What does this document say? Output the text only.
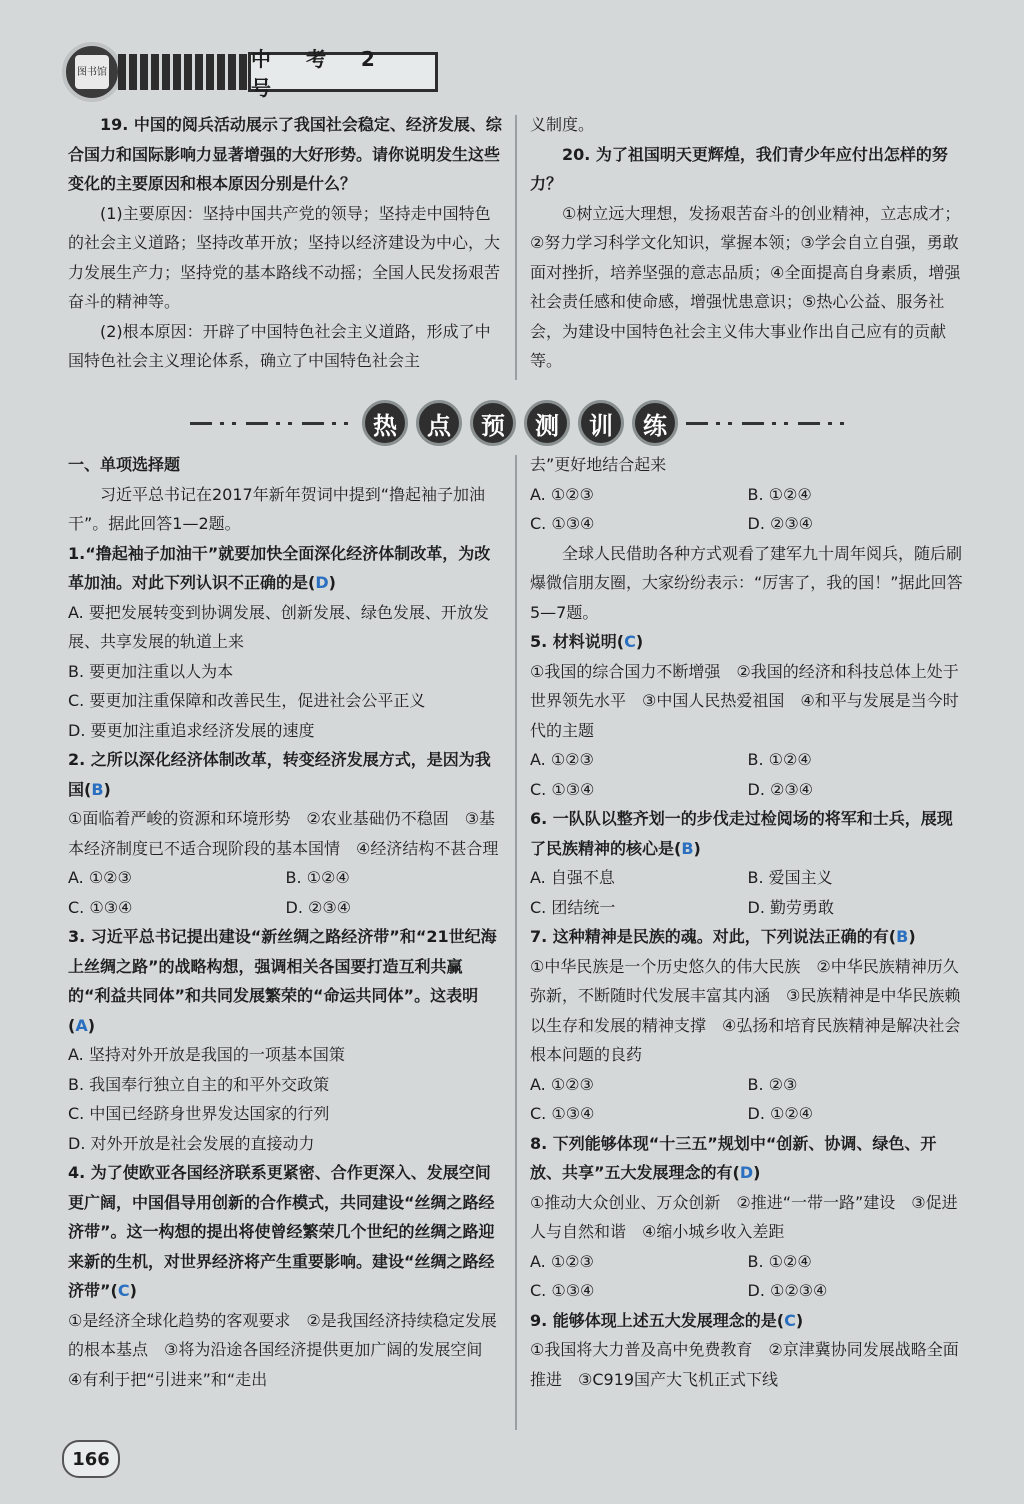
图书馆
中 考 2 号

19. 中国的阅兵活动展示了我国社会稳定、经济发展、综合国力和国际影响力显著增强的大好形势。请你说明发生这些变化的主要原因和根本原因分别是什么？

(1)主要原因：坚持中国共产党的领导；坚持走中国特色的社会主义道路；坚持改革开放；坚持以经济建设为中心，大力发展生产力；坚持党的基本路线不动摇；全国人民发扬艰苦奋斗的精神等。

(2)根本原因：开辟了中国特色社会主义道路，形成了中国特色社会主义理论体系，确立了中国特色社会主

义制度。

20. 为了祖国明天更辉煌，我们青少年应付出怎样的努力？

①树立远大理想，发扬艰苦奋斗的创业精神，立志成才；②努力学习科学文化知识，掌握本领；③学会自立自强，勇敢面对挫折，培养坚强的意志品质；④全面提高自身素质，增强社会责任感和使命感，增强忧患意识；⑤热心公益、服务社会，为建设中国特色社会主义伟大事业作出自己应有的贡献等。

热	点	预	测	训	练

一、单项选择题

习近平总书记在2017年新年贺词中提到“撸起袖子加油干”。据此回答1—2题。

1.“撸起袖子加油干”就要加快全面深化经济体制改革，为改革加油。对此下列认识不正确的是(D)

A. 要把发展转变到协调发展、创新发展、绿色发展、开放发展、共享发展的轨道上来

B. 要更加注重以人为本

C. 要更加注重保障和改善民生，促进社会公平正义

D. 要更加注重追求经济发展的速度

2. 之所以深化经济体制改革，转变经济发展方式，是因为我国(B)

①面临着严峻的资源和环境形势　②农业基础仍不稳固　③基本经济制度已不适合现阶段的基本国情　④经济结构不甚合理

A. ①②③	B. ①②④
C. ①③④	D. ②③④

3. 习近平总书记提出建设“新丝绸之路经济带”和“21世纪海上丝绸之路”的战略构想，强调相关各国要打造互利共赢的“利益共同体”和共同发展繁荣的“命运共同体”。这表明(A)

A. 坚持对外开放是我国的一项基本国策

B. 我国奉行独立自主的和平外交政策

C. 中国已经跻身世界发达国家的行列

D. 对外开放是社会发展的直接动力

4. 为了使欧亚各国经济联系更紧密、合作更深入、发展空间更广阔，中国倡导用创新的合作模式，共同建设“丝绸之路经济带”。这一构想的提出将使曾经繁荣几个世纪的丝绸之路迎来新的生机，对世界经济将产生重要影响。建设“丝绸之路经济带”(C)

①是经济全球化趋势的客观要求　②是我国经济持续稳定发展的根本基点　③将为沿途各国经济提供更加广阔的发展空间　④有利于把“引进来”和“走出

去”更好地结合起来

A. ①②③	B. ①②④
C. ①③④	D. ②③④

全球人民借助各种方式观看了建军九十周年阅兵，随后刷爆微信朋友圈，大家纷纷表示：“厉害了，我的国！”据此回答5—7题。

5. 材料说明(C)

①我国的综合国力不断增强　②我国的经济和科技总体上处于世界领先水平　③中国人民热爱祖国　④和平与发展是当今时代的主题

A. ①②③	B. ①②④
C. ①③④	D. ②③④

6. 一队队以整齐划一的步伐走过检阅场的将军和士兵，展现了民族精神的核心是(B)

A. 自强不息	B. 爱国主义
C. 团结统一	D. 勤劳勇敢

7. 这种精神是民族的魂。对此，下列说法正确的有(B)

①中华民族是一个历史悠久的伟大民族　②中华民族精神历久弥新，不断随时代发展丰富其内涵　③民族精神是中华民族赖以生存和发展的精神支撑　④弘扬和培育民族精神是解决社会根本问题的良药

A. ①②③	B. ②③
C. ①③④	D. ①②④

8. 下列能够体现“十三五”规划中“创新、协调、绿色、开放、共享”五大发展理念的有(D)

①推动大众创业、万众创新　②推进“一带一路”建设　③促进人与自然和谐　④缩小城乡收入差距

A. ①②③	B. ①②④
C. ①③④	D. ①②③④

9. 能够体现上述五大发展理念的是(C)

①我国将大力普及高中免费教育　②京津冀协同发展战略全面推进　③C919国产大飞机正式下线

166
